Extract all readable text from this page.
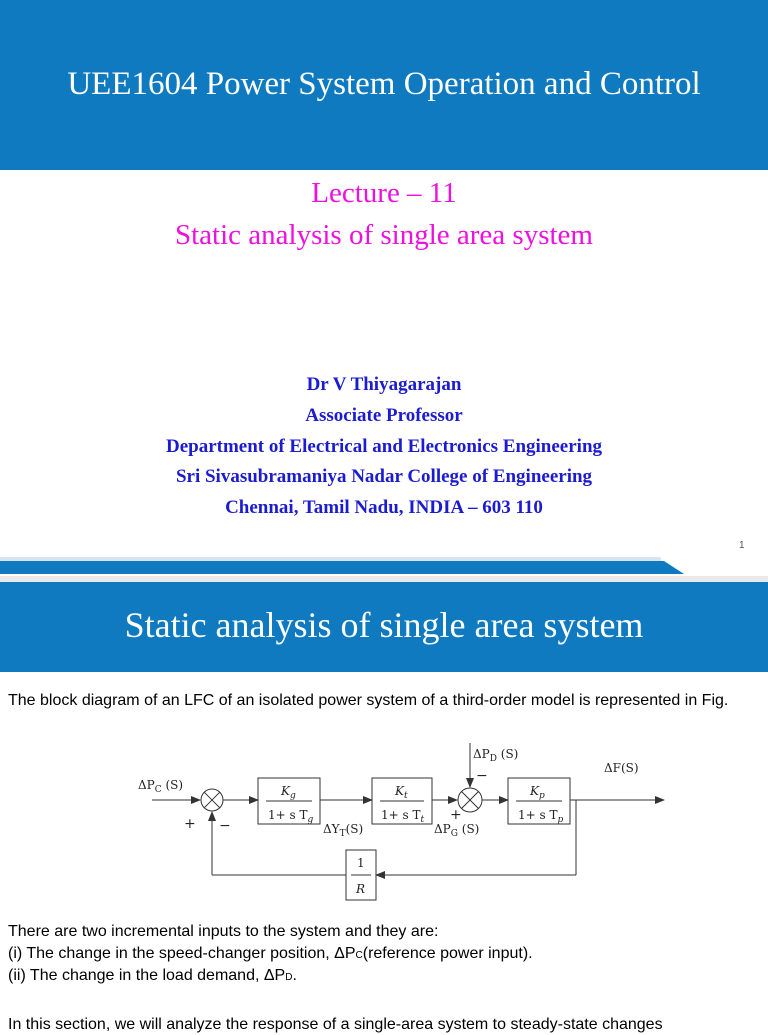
UEE1604 Power System Operation and Control
Lecture – 11
Static analysis of single area system
Dr V Thiyagarajan
Associate Professor
Department of Electrical and Electronics Engineering
Sri Sivasubramaniya Nadar College of Engineering
Chennai, Tamil Nadu, INDIA – 603 110
1
Static analysis of single area system
The block diagram of an LFC of an isolated power system of a third-order model is represented in Fig.
$\Delta P_C$ (S)
+ −
$K_g$
1+ s $T_g$
$K_t$
1+ s $T_t$
$\Delta P_D$ (S)
−
+
$K_p$
1+ s $T_p$
ΔF(S)
$\Delta Y_T(S)$	$\Delta P_G$ (S)
1
R
There are two incremental inputs to the system and they are:
(i) The change in the speed-changer position, ΔPC(reference power input).
(ii) The change in the load demand, ΔPD.
In this section, we will analyze the response of a single-area system to steady-state changes
